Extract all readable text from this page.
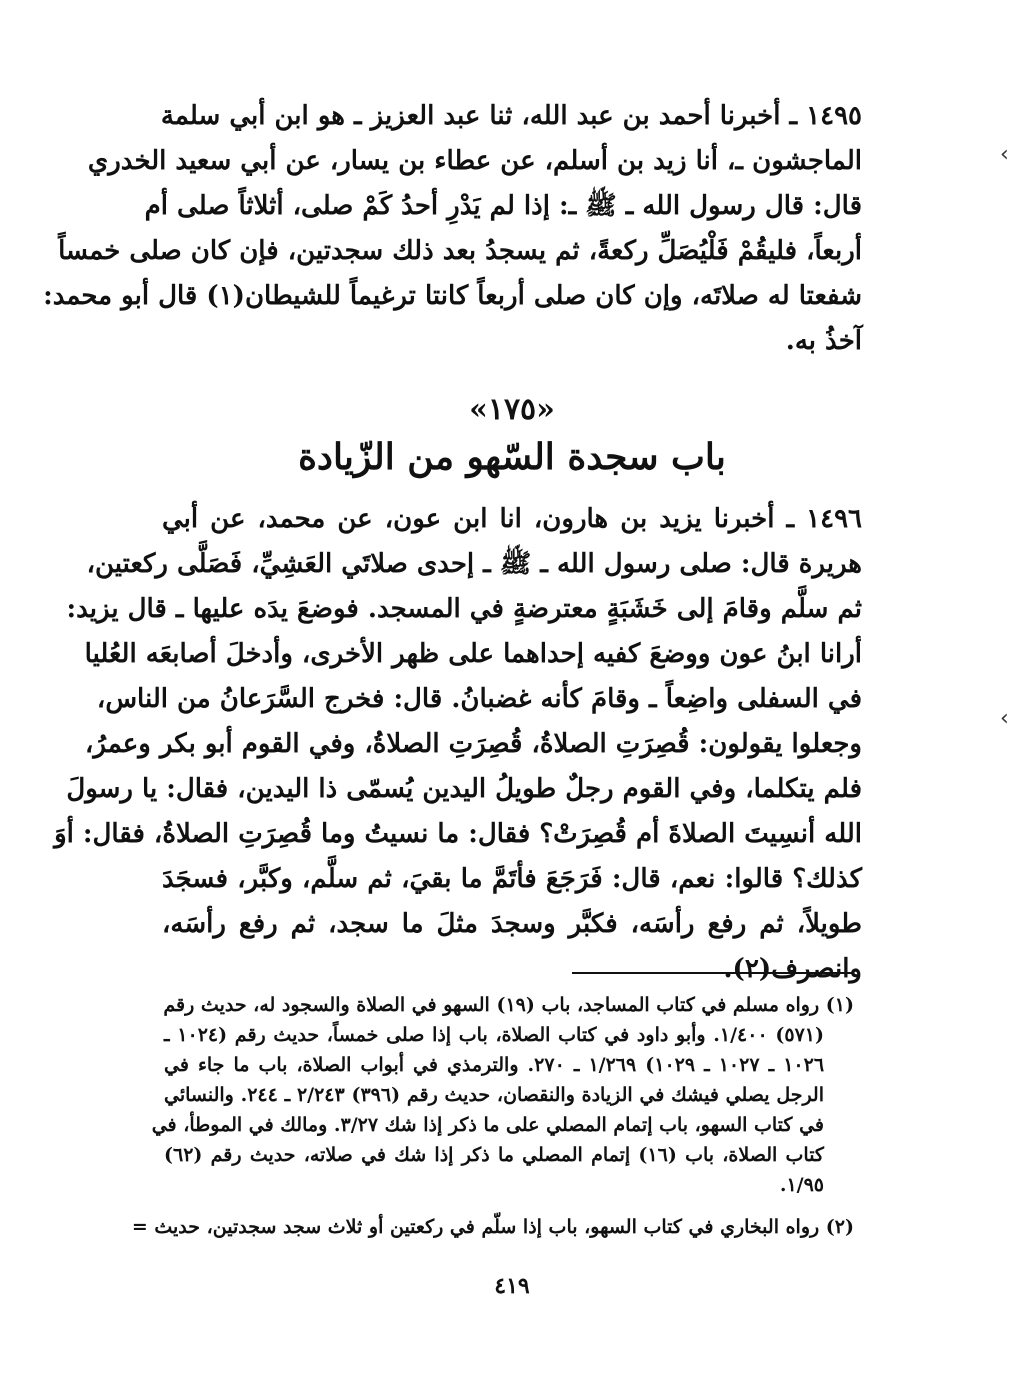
›
›
١٤٩٥ ـ أخبرنا أحمد بن عبد الله، ثنا عبد العزيز ـ هو ابن أبي سلمة
الماجشون ـ، أنا زيد بن أسلم، عن عطاء بن يسار، عن أبي سعيد الخدري
قال: قال رسول الله ـ ﷺ ـ: إذا لم يَدْرِ أحدُ كَمْ صلى، أثلاثاً صلى أم
أربعاً، فليقُمْ فَلْيُصَلِّ ركعةً، ثم يسجدُ بعد ذلك سجدتين، فإن كان صلى خمساً
شفعتا له صلاتَه، وإن كان صلى أربعاً كانتا ترغيماً للشيطان(١) قال أبو محمد:
آخذُ به.
«١٧٥»
باب سجدة السّهو من الزّيادة
١٤٩٦ ـ أخبرنا يزيد بن هارون، انا ابن عون، عن محمد، عن أبي
هريرة قال: صلى رسول الله ـ ﷺ ـ إحدى صلاتَي العَشِيِّ، فَصَلَّى ركعتين،
ثم سلَّم وقامَ إلى خَشَبَةٍ معترضةٍ في المسجد. فوضعَ يدَه عليها ـ قال يزيد:
أرانا ابنُ عون ووضعَ كفيه إحداهما على ظهر الأخرى، وأدخلَ أصابعَه العُليا
في السفلى واضِعاً ـ وقامَ كأنه غضبانُ. قال: فخرج السَّرَعانُ من الناس،
وجعلوا يقولون: قُصِرَتِ الصلاةُ، قُصِرَتِ الصلاةُ، وفي القوم أبو بكر وعمرُ،
فلم يتكلما، وفي القوم رجلٌ طويلُ اليدين يُسمّى ذا اليدين، فقال: يا رسولَ
الله أنسِيتَ الصلاةَ أم قُصِرَتْ؟ فقال: ما نسيتُ وما قُصِرَتِ الصلاةُ، فقال: أوَ
كذلك؟ قالوا: نعم، قال: فَرَجَعَ فأتَمَّ ما بقيَ، ثم سلَّم، وكبَّر، فسجَدَ
طويلاً، ثم رفع رأسَه، فكبَّر وسجدَ مثلَ ما سجد، ثم رفع رأسَه،
وانصرف(٢).
(١) رواه مسلم في كتاب المساجد، باب (١٩) السهو في الصلاة والسجود له، حديث رقم
(٥٧١) ١/٤٠٠. وأبو داود في كتاب الصلاة، باب إذا صلى خمساً، حديث رقم (١٠٢٤ ـ
١٠٢٦ ـ ١٠٢٧ ـ ١٠٢٩) ١/٢٦٩ ـ ٢٧٠. والترمذي في أبواب الصلاة، باب ما جاء في
الرجل يصلي فيشك في الزيادة والنقصان، حديث رقم (٣٩٦) ٢/٢٤٣ ـ ٢٤٤. والنسائي
في كتاب السهو، باب إتمام المصلي على ما ذكر إذا شك ٣/٢٧. ومالك في الموطأ، في
كتاب الصلاة، باب (١٦) إتمام المصلي ما ذكر إذا شك في صلاته، حديث رقم (٦٢)
١/٩٥.
(٢) رواه البخاري في كتاب السهو، باب إذا سلّم في ركعتين أو ثلاث سجد سجدتين، حديث =
٤١٩
